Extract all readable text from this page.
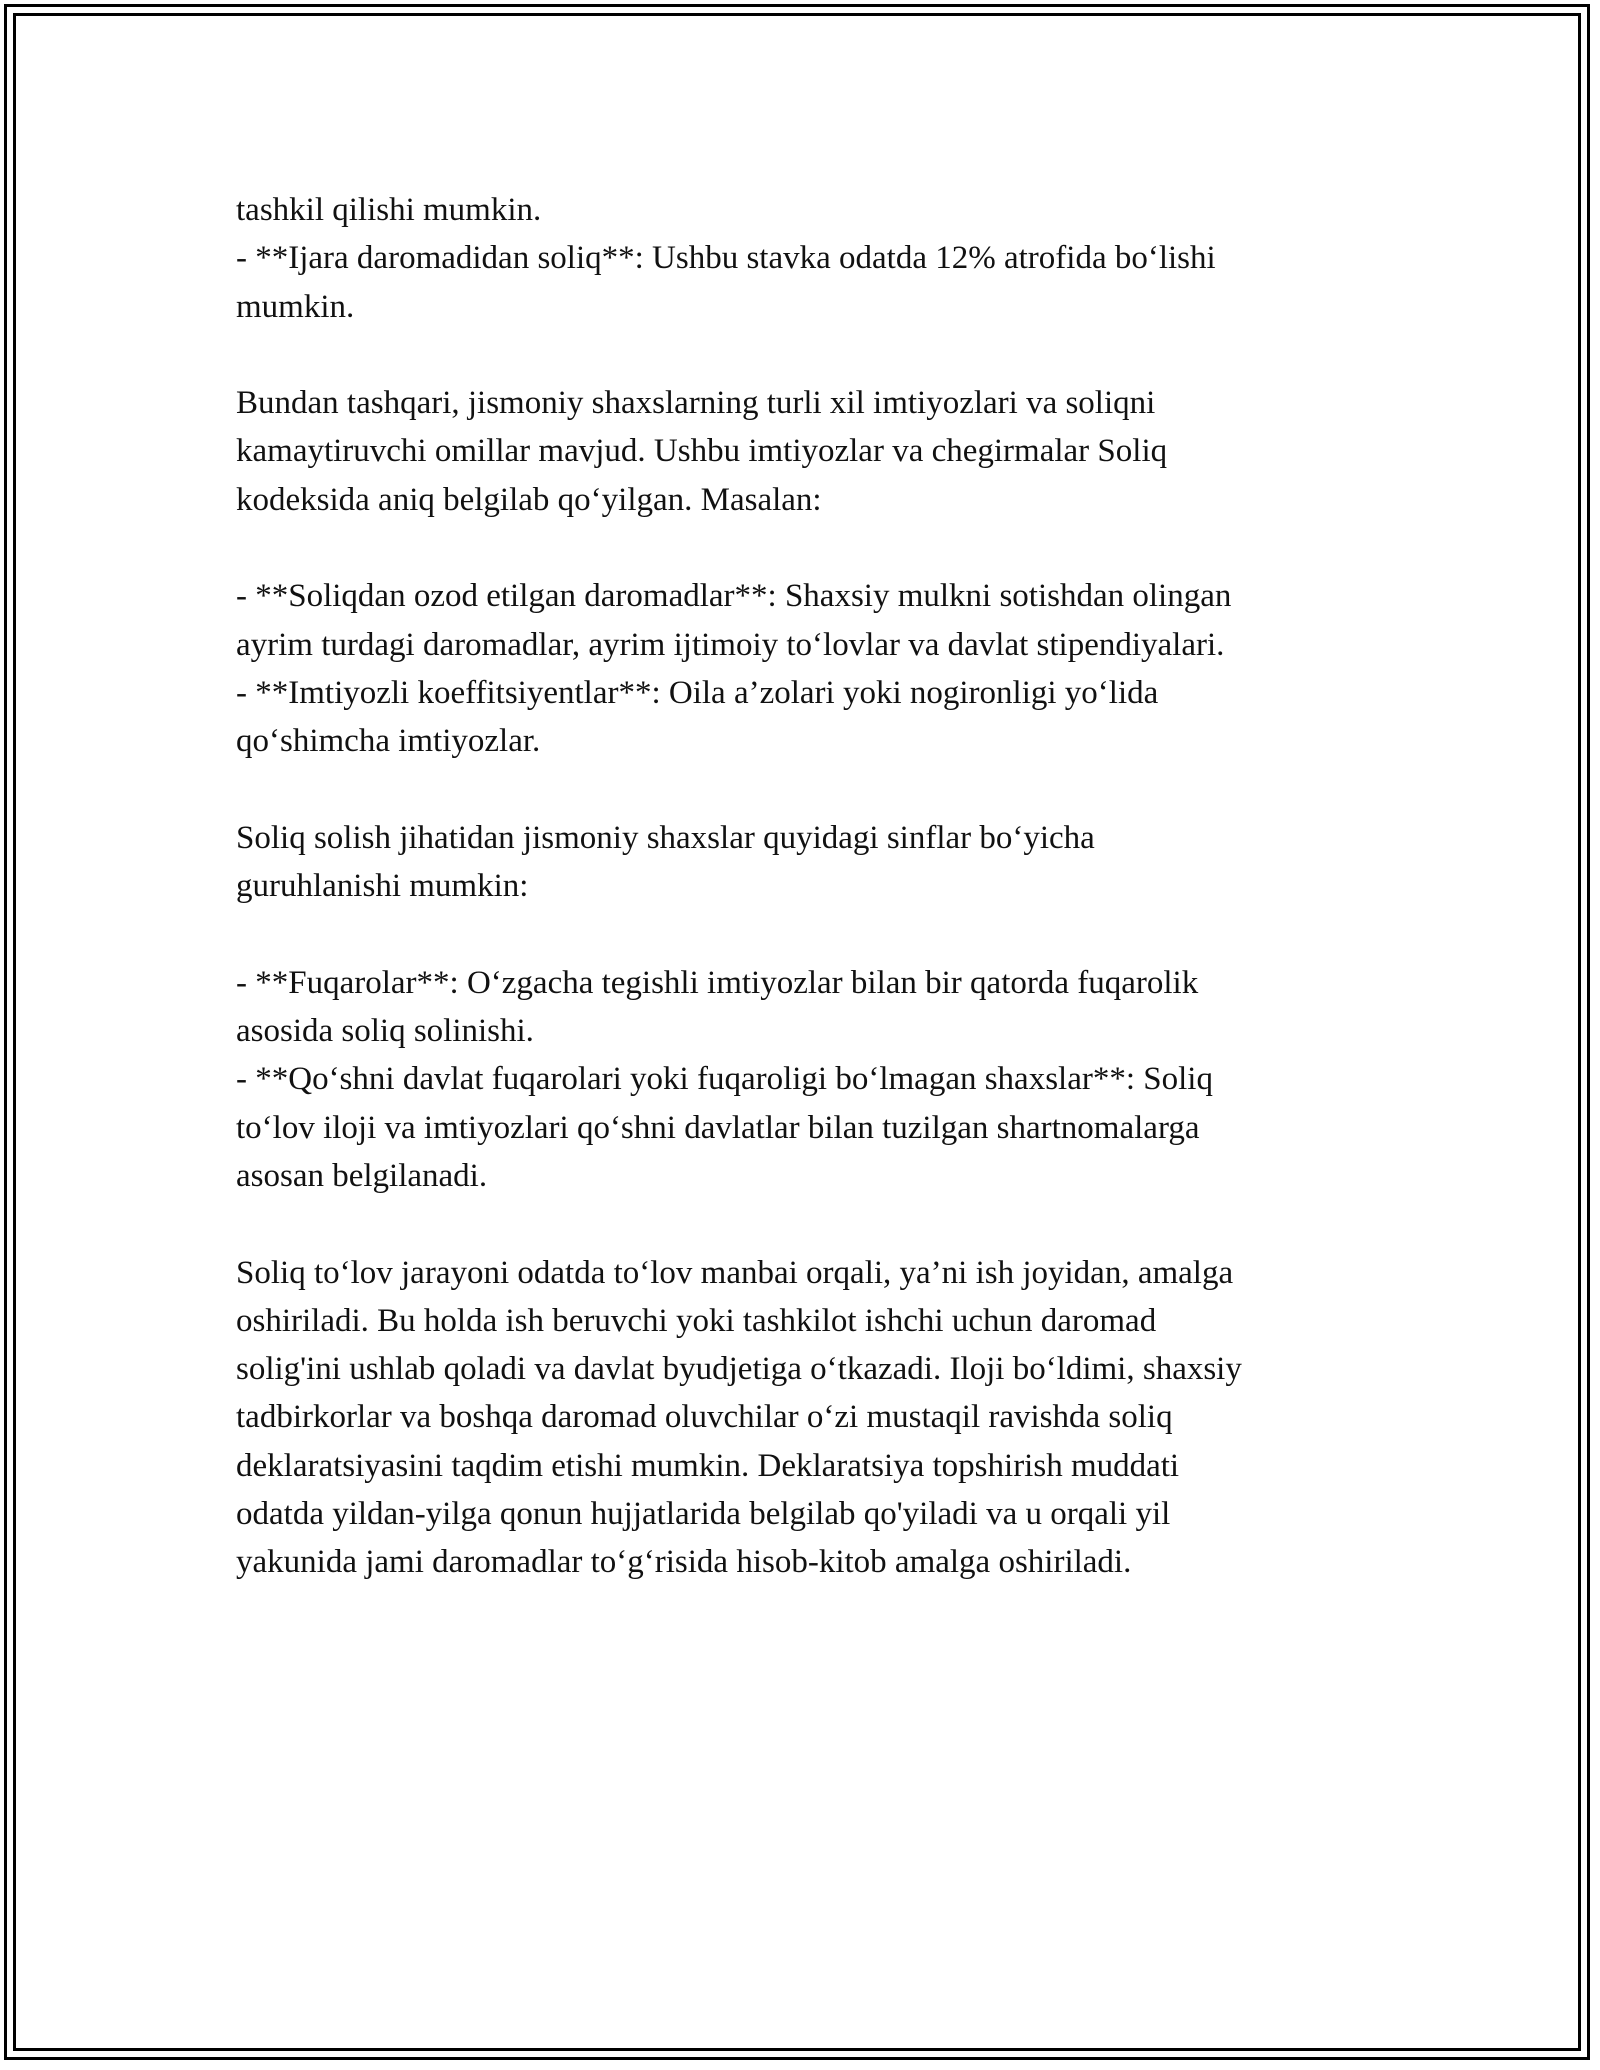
tashkil qilishi mumkin.
- **Ijara daromadidan soliq**: Ushbu stavka odatda 12% atrofida bo‘lishi
mumkin.
Bundan tashqari, jismoniy shaxslarning turli xil imtiyozlari va soliqni
kamaytiruvchi omillar mavjud. Ushbu imtiyozlar va chegirmalar Soliq
kodeksida aniq belgilab qo‘yilgan. Masalan:
- **Soliqdan ozod etilgan daromadlar**: Shaxsiy mulkni sotishdan olingan
ayrim turdagi daromadlar, ayrim ijtimoiy to‘lovlar va davlat stipendiyalari.
- **Imtiyozli koeffitsiyentlar**: Oila a’zolari yoki nogironligi yo‘lida
qo‘shimcha imtiyozlar.
Soliq solish jihatidan jismoniy shaxslar quyidagi sinflar bo‘yicha
guruhlanishi mumkin:
- **Fuqarolar**: O‘zgacha tegishli imtiyozlar bilan bir qatorda fuqarolik
asosida soliq solinishi.
- **Qo‘shni davlat fuqarolari yoki fuqaroligi bo‘lmagan shaxslar**: Soliq
to‘lov iloji va imtiyozlari qo‘shni davlatlar bilan tuzilgan shartnomalarga
asosan belgilanadi.
Soliq to‘lov jarayoni odatda to‘lov manbai orqali, ya’ni ish joyidan, amalga
oshiriladi. Bu holda ish beruvchi yoki tashkilot ishchi uchun daromad
solig'ini ushlab qoladi va davlat byudjetiga o‘tkazadi. Iloji bo‘ldimi, shaxsiy
tadbirkorlar va boshqa daromad oluvchilar o‘zi mustaqil ravishda soliq
deklaratsiyasini taqdim etishi mumkin. Deklaratsiya topshirish muddati
odatda yildan-yilga qonun hujjatlarida belgilab qo'yiladi va u orqali yil
yakunida jami daromadlar to‘g‘risida hisob-kitob amalga oshiriladi.
